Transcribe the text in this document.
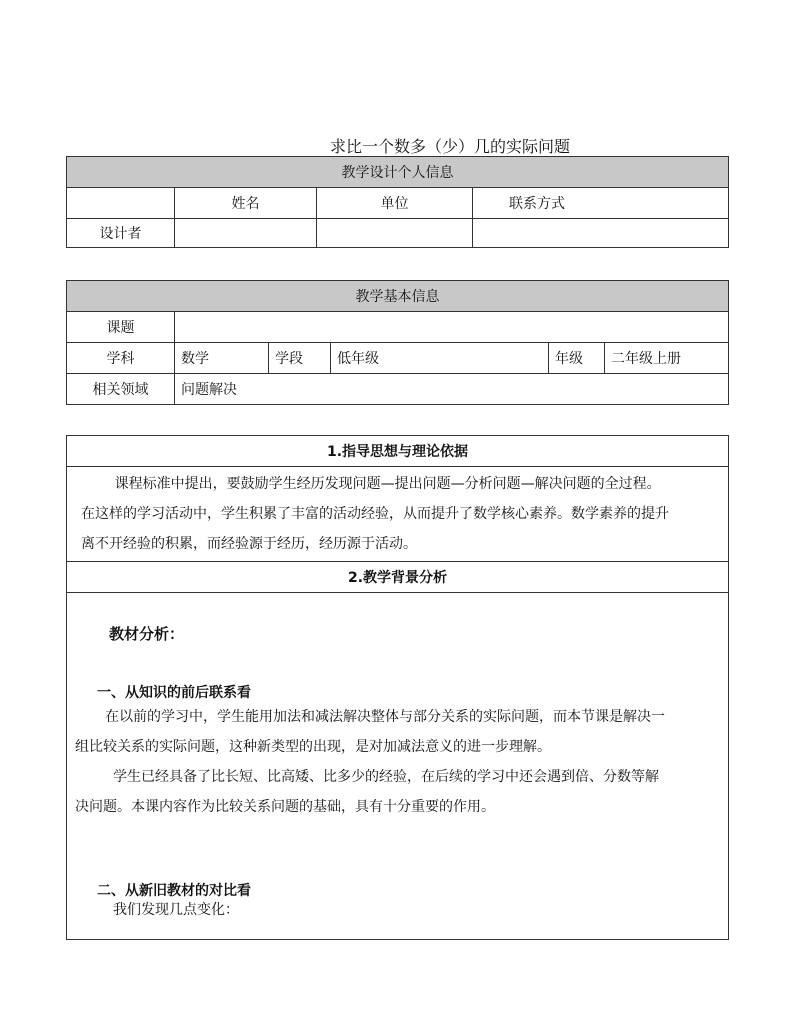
求比一个数多（少）几的实际问题
教学设计个人信息			
	姓名	单位	联系方式
设计者			
教学基本信息					
课题					
学科	数学	学段	低年级	年级	二年级上册
相关领域	问题解决				
1.指导思想与理论依据

课程标准中提出，要鼓励学生经历发现问题—提出问题—分析问题—解决问题的全过程。
在这样的学习活动中，学生积累了丰富的活动经验，从而提升了数学核心素养。数学素养的提升
离不开经验的积累，而经验源于经历，经历源于活动。

2.教学背景分析

教材分析：
一、从知识的前后联系看
在以前的学习中，学生能用加法和减法解决整体与部分关系的实际问题，而本节课是解决一
组比较关系的实际问题，这种新类型的出现，是对加减法意义的进一步理解。
学生已经具备了比长短、比高矮、比多少的经验，在后续的学习中还会遇到倍、分数等解
决问题。本课内容作为比较关系问题的基础，具有十分重要的作用。
二、从新旧教材的对比看
我们发现几点变化：
